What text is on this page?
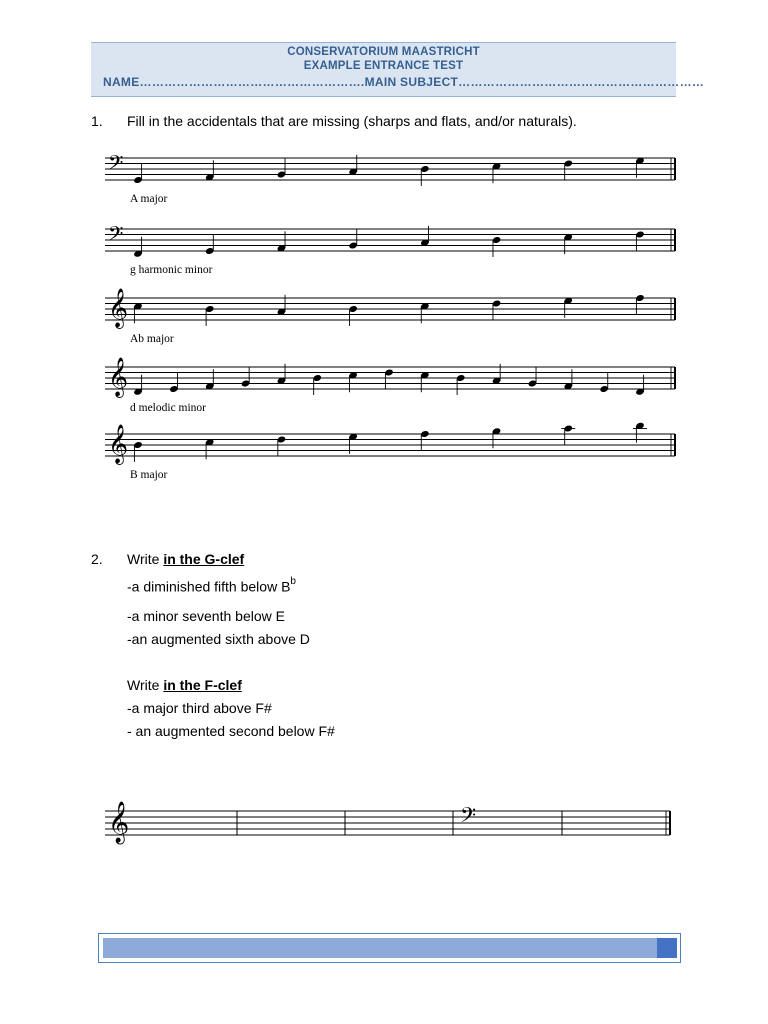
CONSERVATORIUM MAASTRICHT
EXAMPLE ENTRANCE TEST
NAME……………………………………………….MAIN SUBJECT……………………………………………………
1. Fill in the accidentals that are missing (sharps and flats, and/or naturals).
𝄢
A major
𝄢
g harmonic minor
𝄞
Ab major
𝄞
d melodic minor
𝄞
B major
2. Write in the G-clef
-a diminished fifth below $B^b$
-a minor seventh below E
-an augmented sixth above D
Write in the F-clef
-a major third above F#
- an augmented second below F#
𝄞	𝄢
